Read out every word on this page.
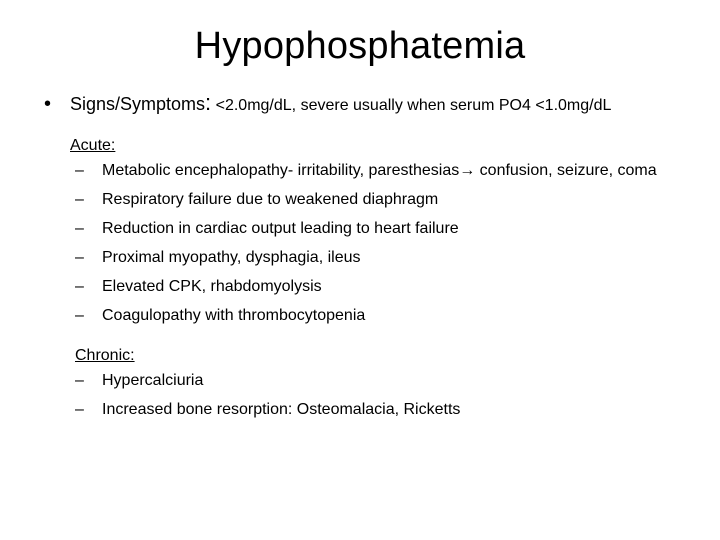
Hypophosphatemia
•	Signs/Symptoms: <2.0mg/dL, severe usually when serum PO4 <1.0mg/dL
Acute:
–	Metabolic encephalopathy- irritability, paresthesias→ confusion, seizure, coma
–	Respiratory failure due to weakened diaphragm
–	Reduction in cardiac output leading to heart failure
–	Proximal myopathy, dysphagia, ileus
–	Elevated CPK, rhabdomyolysis
–	Coagulopathy with thrombocytopenia
Chronic:
–	Hypercalciuria
–	Increased bone resorption: Osteomalacia, Ricketts
